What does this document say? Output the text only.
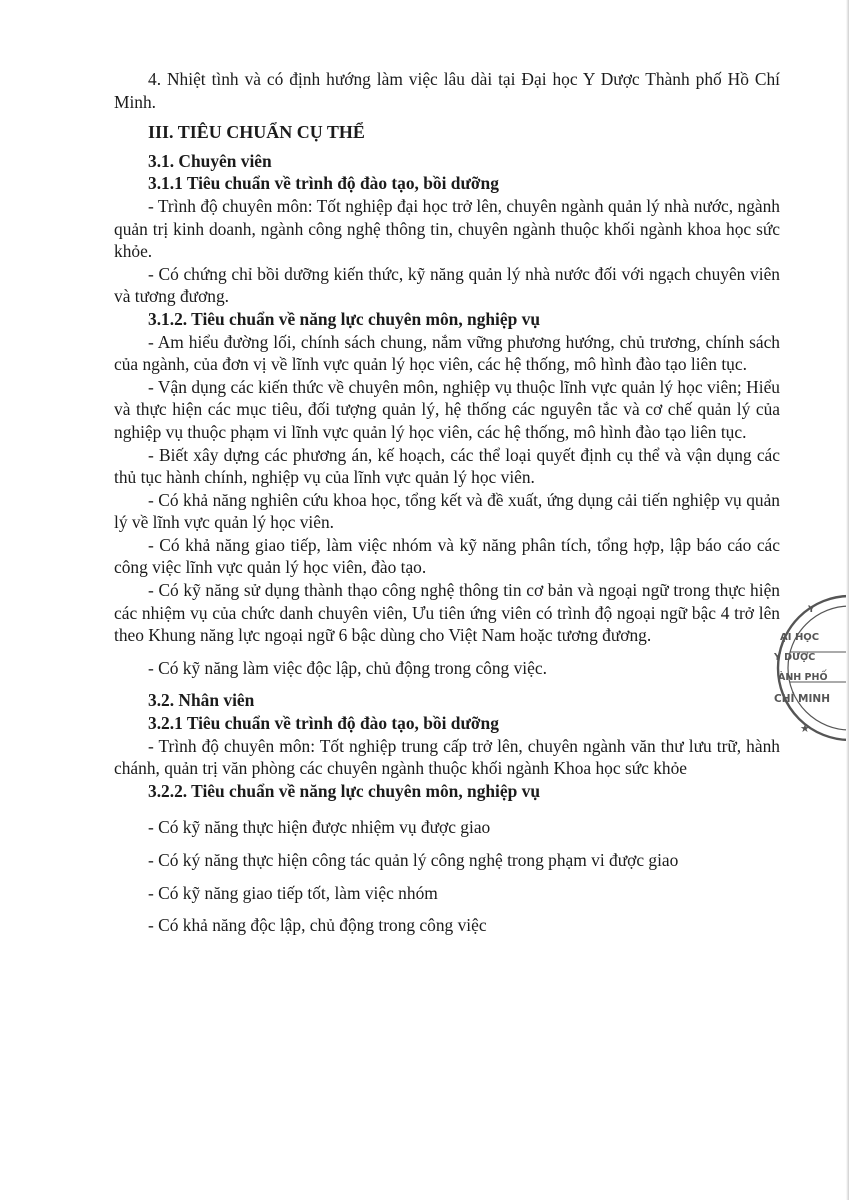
4. Nhiệt tình và có định hướng làm việc lâu dài tại Đại học Y Dược Thành phố Hồ Chí Minh.

III. TIÊU CHUẨN CỤ THỂ

3.1. Chuyên viên

3.1.1 Tiêu chuẩn về trình độ đào tạo, bồi dưỡng

- Trình độ chuyên môn: Tốt nghiệp đại học trở lên, chuyên ngành quản lý nhà nước, ngành quản trị kinh doanh, ngành công nghệ thông tin, chuyên ngành thuộc khối ngành khoa học sức khỏe.

- Có chứng chỉ bồi dưỡng kiến thức, kỹ năng quản lý nhà nước đối với ngạch chuyên viên và tương đương.

3.1.2. Tiêu chuẩn về năng lực chuyên môn, nghiệp vụ

- Am hiểu đường lối, chính sách chung, nắm vững phương hướng, chủ trương, chính sách của ngành, của đơn vị về lĩnh vực quản lý học viên, các hệ thống, mô hình đào tạo liên tục.

- Vận dụng các kiến thức về chuyên môn, nghiệp vụ thuộc lĩnh vực quản lý học viên; Hiểu và thực hiện các mục tiêu, đối tượng quản lý, hệ thống các nguyên tắc và cơ chế quản lý của nghiệp vụ thuộc phạm vi lĩnh vực quản lý học viên, các hệ thống, mô hình đào tạo liên tục.

- Biết xây dựng các phương án, kế hoạch, các thể loại quyết định cụ thể và vận dụng các thủ tục hành chính, nghiệp vụ của lĩnh vực quản lý học viên.

- Có khả năng nghiên cứu khoa học, tổng kết và đề xuất, ứng dụng cải tiến nghiệp vụ quản lý về lĩnh vực quản lý học viên.

- Có khả năng giao tiếp, làm việc nhóm và kỹ năng phân tích, tổng hợp, lập báo cáo các công việc lĩnh vực quản lý học viên, đào tạo.

- Có kỹ năng sử dụng thành thạo công nghệ thông tin cơ bản và ngoại ngữ trong thực hiện các nhiệm vụ của chức danh chuyên viên, Ưu tiên ứng viên có trình độ ngoại ngữ bậc 4 trở lên theo Khung năng lực ngoại ngữ 6 bậc dùng cho Việt Nam hoặc tương đương.

- Có kỹ năng làm việc độc lập, chủ động trong công việc.

3.2. Nhân viên

3.2.1 Tiêu chuẩn về trình độ đào tạo, bồi dưỡng

- Trình độ chuyên môn: Tốt nghiệp trung cấp trở lên, chuyên ngành văn thư lưu trữ, hành chánh, quản trị văn phòng các chuyên ngành thuộc khối ngành Khoa học sức khỏe

3.2.2. Tiêu chuẩn về năng lực chuyên môn, nghiệp vụ

- Có kỹ năng thực hiện được nhiệm vụ được giao

- Có ký năng thực hiện công tác quản lý công nghệ trong phạm vi được giao

- Có kỹ năng giao tiếp tốt, làm việc nhóm

- Có khả năng độc lập, chủ động trong công việc

Y
ẠI HỌC
Y DƯỢC
ÀNH PHỐ
CHÍ MINH
★
